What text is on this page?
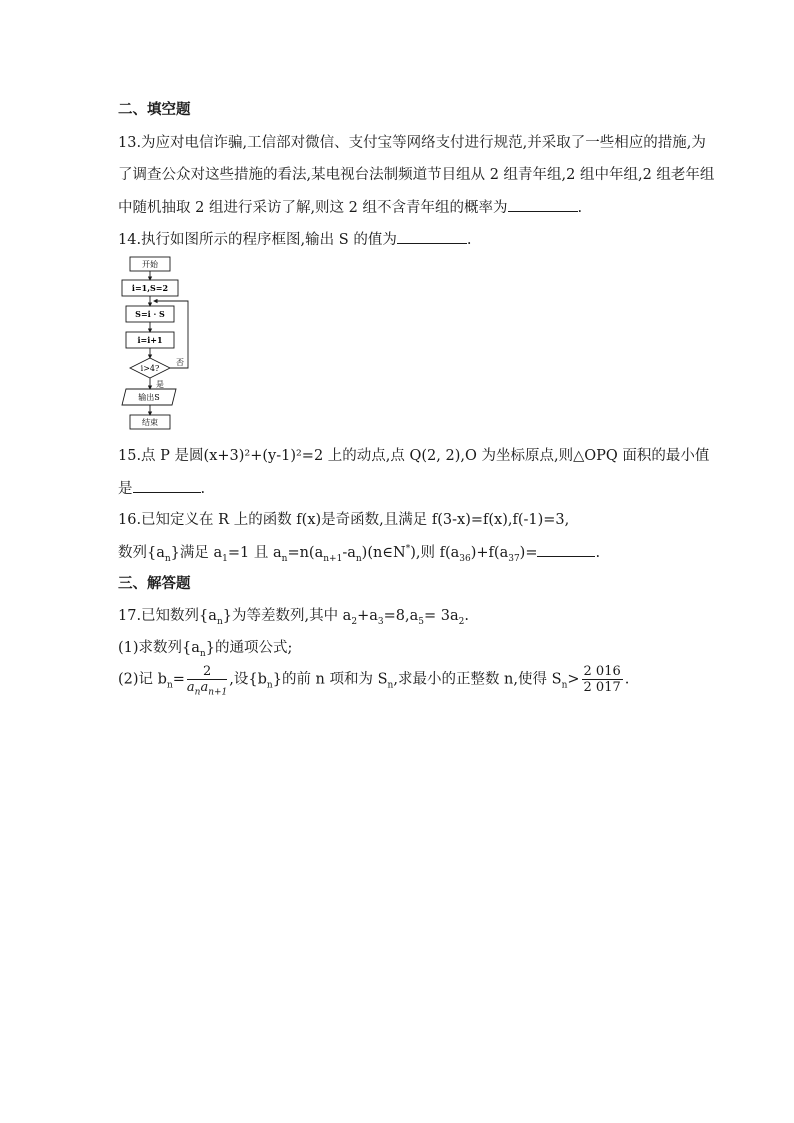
二、填空题
13.为应对电信诈骗,工信部对微信、支付宝等网络支付进行规范,并采取了一些相应的措施,为
了调查公众对这些措施的看法,某电视台法制频道节目组从 2 组青年组,2 组中年组,2 组老年组
中随机抽取 2 组进行采访了解,则这 2 组不含青年组的概率为	.
14.执行如图所示的程序框图,输出 S 的值为	.
开始
i=1,S=2
S=i · S
i=i+1
i>4?
否
是
输出S
结束
15.点 P 是圆(x+3)²+(y-1)²=2 上的动点,点 Q(2, 2),O 为坐标原点,则△OPQ 面积的最小值
是	.
16.已知定义在 R 上的函数 f(x)是奇函数,且满足 f(3-x)=f(x),f(-1)=3,
数列$\{a_n\}$满足 $a_1=1$ 且 $a_n=n(a_{n+1}-a_n)(n\in N^*)$,则 $f(a_{36})+f(a_{37})=$	.
三、解答题
17.已知数列$\{a_n\}$为等差数列,其中 $a_2+a_3=8,a_5= 3a_2$.
(1)求数列$\{a_n\}$的通项公式;
(2)记 $b_n= \frac{2}{a_na_{n+1}}$ ,设$\{b_n\}$的前 n 项和为 $S_n$,求最小的正整数 n,使得 $S_n> \frac{2 016}{2 017}$ .
